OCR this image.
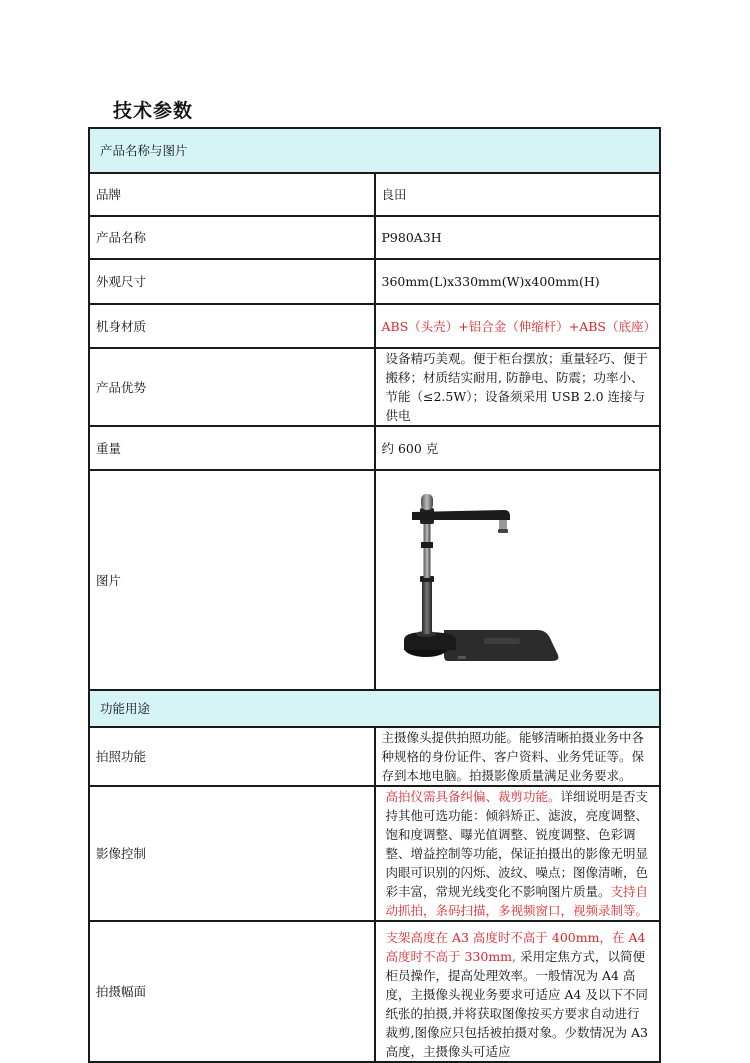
技术参数
产品名称与图片	
品牌	良田
产品名称	P980A3H
外观尺寸	360mm(L)x330mm(W)x400mm(H)
机身材质	ABS（头壳）+铝合金（伸缩杆）+ABS（底座）
产品优势	设备精巧美观。便于柜台摆放；重量轻巧、便于搬移；材质结实耐用, 防静电、防震；功率小、节能（≤2.5W）；设备须采用 USB 2.0 连接与供电
重量	约 600 克
图片	

功能用途	
拍照功能	主摄像头提供拍照功能。能够清晰拍摄业务中各种规格的身份证件、客户资料、业务凭证等。保存到本地电脑。拍摄影像质量满足业务要求。
影像控制	高拍仪需具备纠偏、裁剪功能。详细说明是否支持其他可选功能：倾斜矫正、滤波，亮度调整、饱和度调整、曝光值调整、锐度调整、色彩调整、增益控制等功能，保证拍摄出的影像无明显肉眼可识别的闪烁、波纹、噪点；图像清晰，色彩丰富，常规光线变化不影响图片质量。支持自动抓拍，条码扫描，多视频窗口，视频录制等。
拍摄幅面	支架高度在 A3 高度时不高于 400mm，在 A4 高度时不高于 330mm, 采用定焦方式，以简便柜员操作，提高处理效率。一般情况为 A4 高度，主摄像头视业务要求可适应 A4 及以下不同纸张的拍摄,并将获取图像按买方要求自动进行裁剪,图像应只包括被拍摄对象。少数情况为 A3 高度，主摄像头可适应
